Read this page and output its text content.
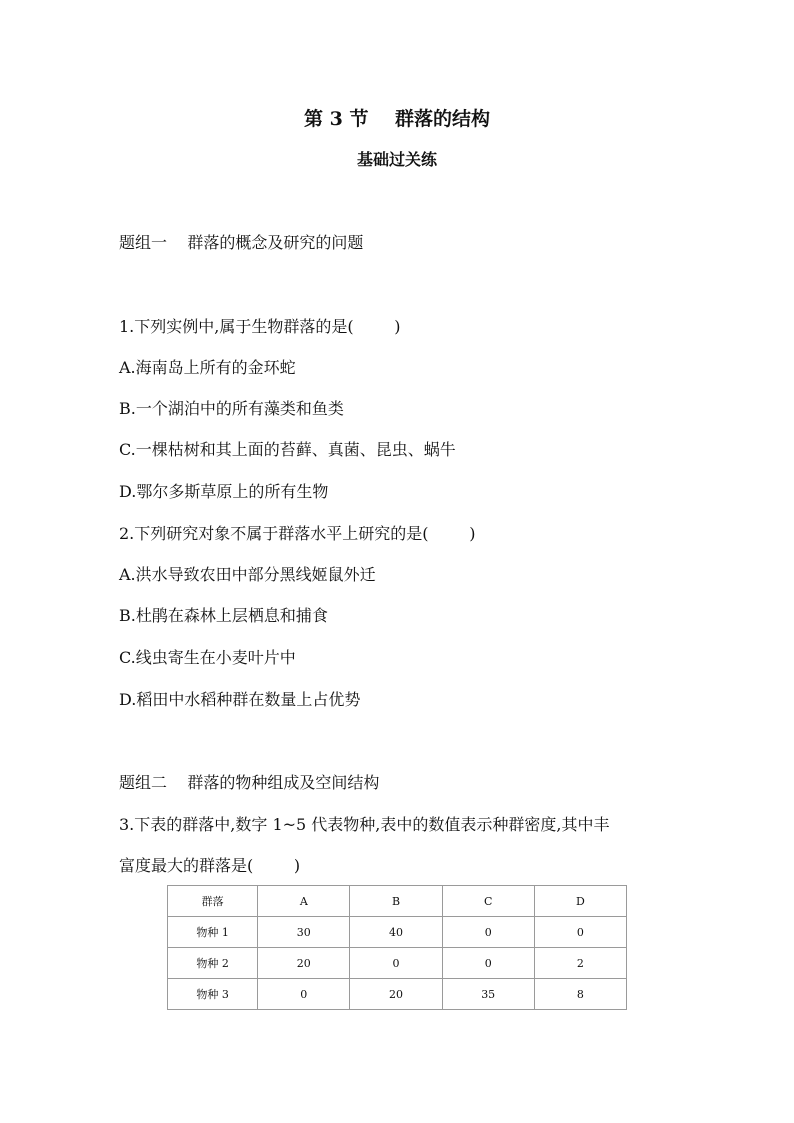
第 3 节    群落的结构
基础过关练
题组一    群落的概念及研究的问题
1.下列实例中,属于生物群落的是(        )
A.海南岛上所有的金环蛇
B.一个湖泊中的所有藻类和鱼类
C.一棵枯树和其上面的苔藓、真菌、昆虫、蜗牛
D.鄂尔多斯草原上的所有生物
2.下列研究对象不属于群落水平上研究的是(        )
A.洪水导致农田中部分黑线姬鼠外迁
B.杜鹃在森林上层栖息和捕食
C.线虫寄生在小麦叶片中
D.稻田中水稻种群在数量上占优势
题组二    群落的物种组成及空间结构
3.下表的群落中,数字 1~5 代表物种,表中的数值表示种群密度,其中丰
富度最大的群落是(        )
群落	A	B	C	D
物种 1	30	40	0	0
物种 2	20	0	0	2
物种 3	0	20	35	8
